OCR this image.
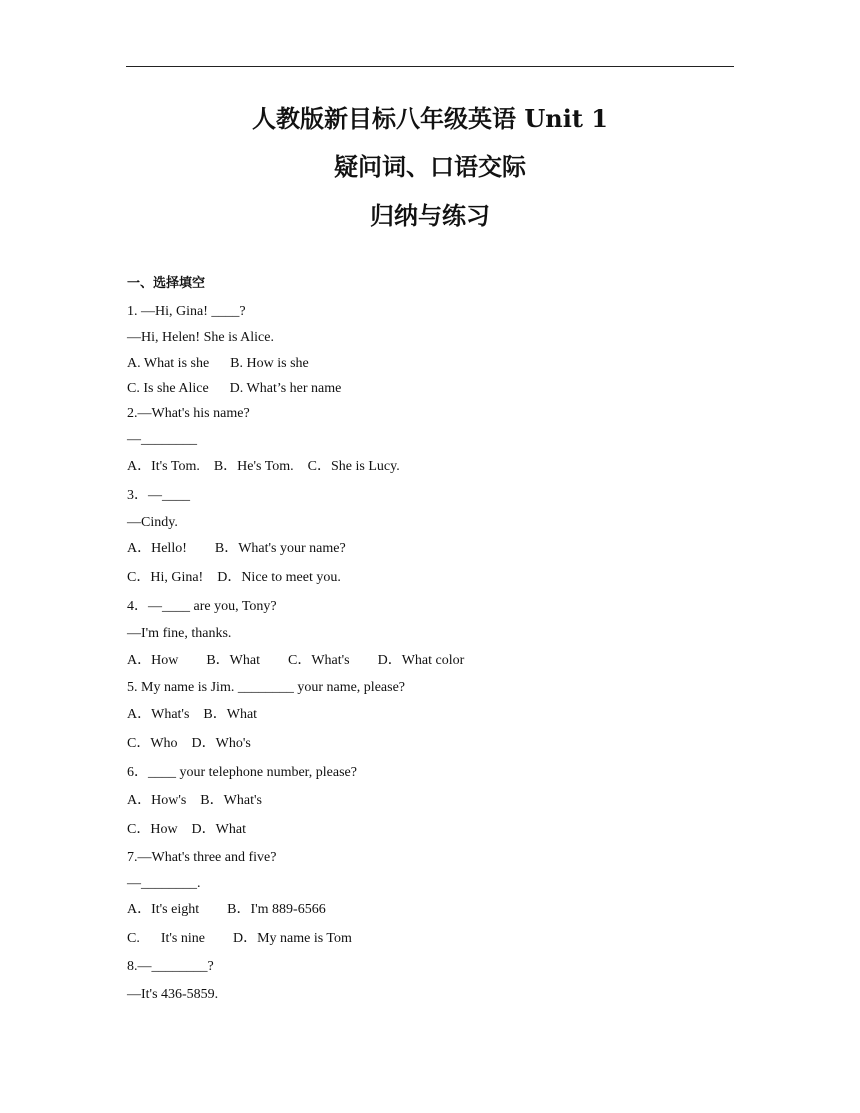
人教版新目标八年级英语 Unit 1
疑问词、口语交际
归纳与练习
一、选择填空

1. —Hi, Gina! ____?

—Hi, Helen! She is Alice.

A. What is she      B. How is she

C. Is she Alice      D. What’s her name

2.—What's his name?

—________

A．It's Tom.    B．He's Tom.    C．She is Lucy.

3．—____

—Cindy.

A．Hello!        B．What's your name?

C．Hi, Gina!    D．Nice to meet you.

4．—____ are you, Tony?

—I'm fine, thanks.

A．How        B．What        C．What's        D．What color

5. My name is Jim. ________ your name, please?

A．What's    B．What

C．Who    D．Who's

6．____ your telephone number, please?

A．How's    B．What's

C．How    D．What

7.—What's three and five?

—________.

A．It's eight        B．I'm 889-6566

C.      It's nine        D．My name is Tom

8.—________?

—It's 436-5859.
